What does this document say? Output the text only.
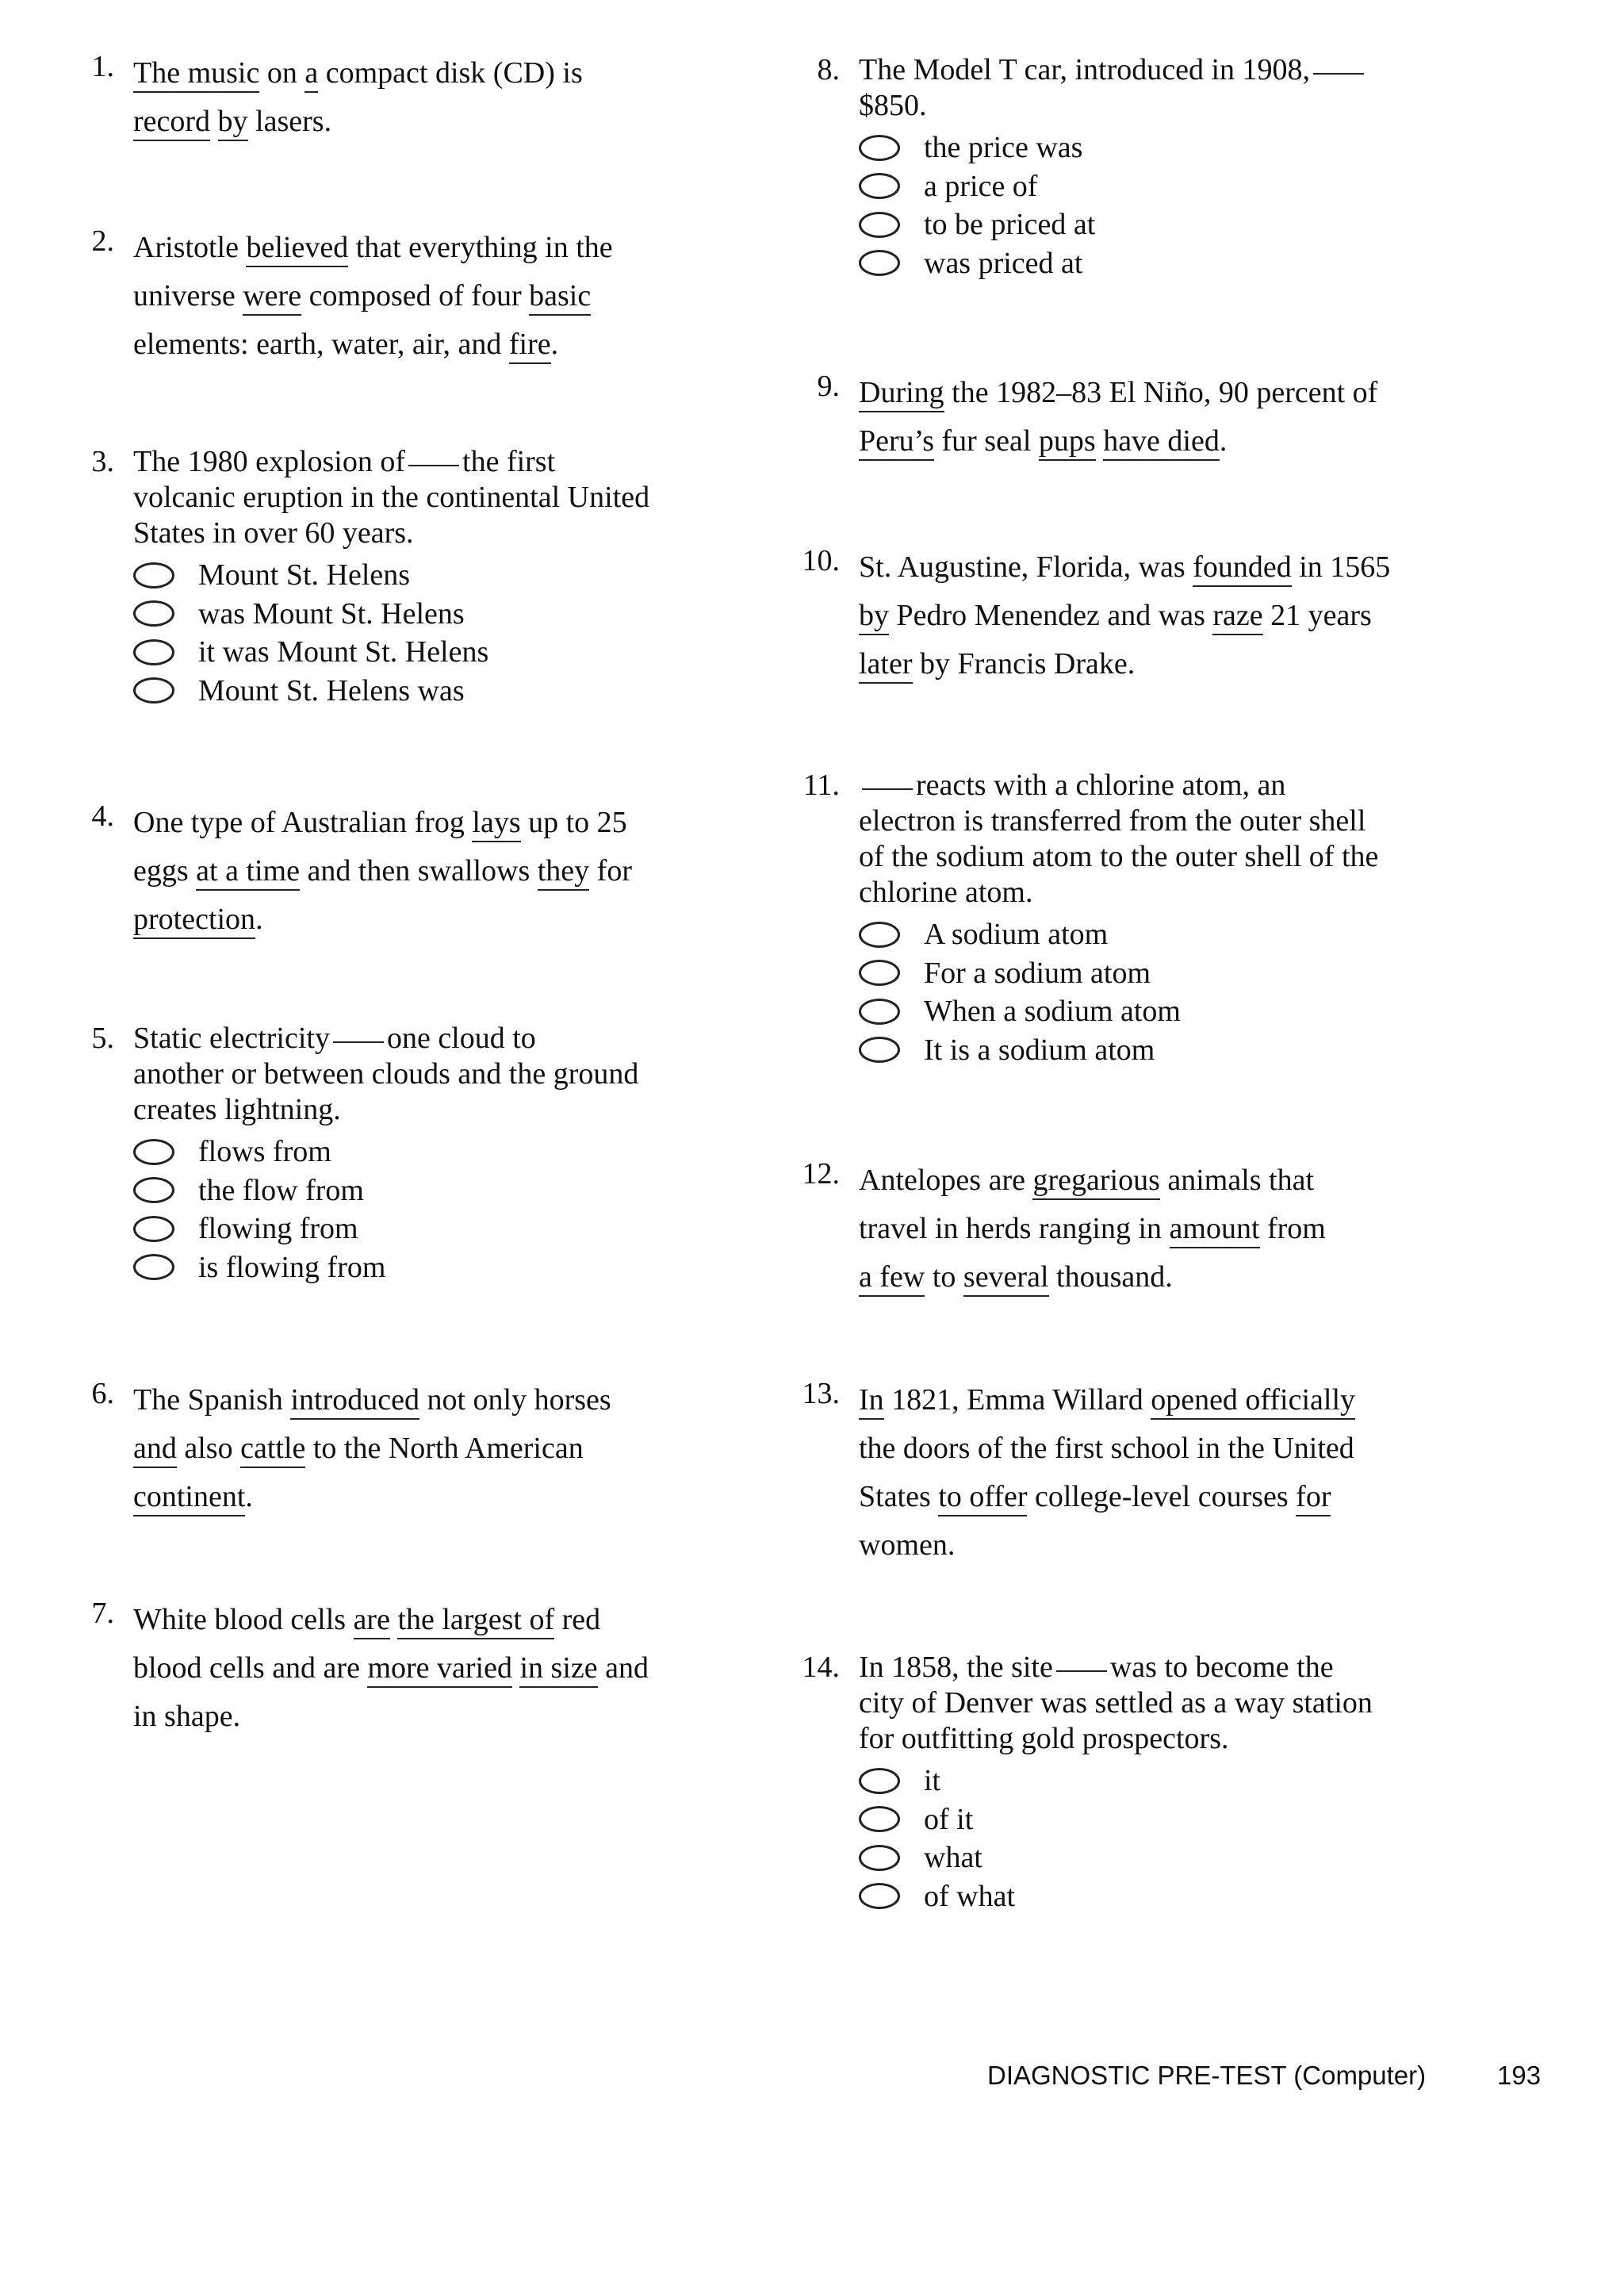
1. The music on a compact disk (CD) is
record by lasers.
2. Aristotle believed that everything in the
universe were composed of four basic
elements: earth, water, air, and fire.
3. The 1980 explosion of the first
volcanic eruption in the continental United
States in over 60 years.
Mount St. Helens
was Mount St. Helens
it was Mount St. Helens
Mount St. Helens was
4. One type of Australian frog lays up to 25
eggs at a time and then swallows they for
protection.
5. Static electricity one cloud to
another or between clouds and the ground
creates lightning.
flows from
the flow from
flowing from
is flowing from
6. The Spanish introduced not only horses
and also cattle to the North American
continent.
7. White blood cells are the largest of red
blood cells and are more varied in size and
in shape.
8. The Model T car, introduced in 1908,
$850.
the price was
a price of
to be priced at
was priced at
9. During the 1982–83 El Niño, 90 percent of
Peru’s fur seal pups have died.
10. St. Augustine, Florida, was founded in 1565
by Pedro Menendez and was raze 21 years
later by Francis Drake.
11.	reacts with a chlorine atom, an
electron is transferred from the outer shell
of the sodium atom to the outer shell of the
chlorine atom.
A sodium atom
For a sodium atom
When a sodium atom
It is a sodium atom
12. Antelopes are gregarious animals that
travel in herds ranging in amount from
a few to several thousand.
13. In 1821, Emma Willard opened officially
the doors of the first school in the United
States to offer college-level courses for
women.
14. In 1858, the site was to become the
city of Denver was settled as a way station
for outfitting gold prospectors.
it
of it
what
of what
DIAGNOSTIC PRE-TEST (Computer)	193
